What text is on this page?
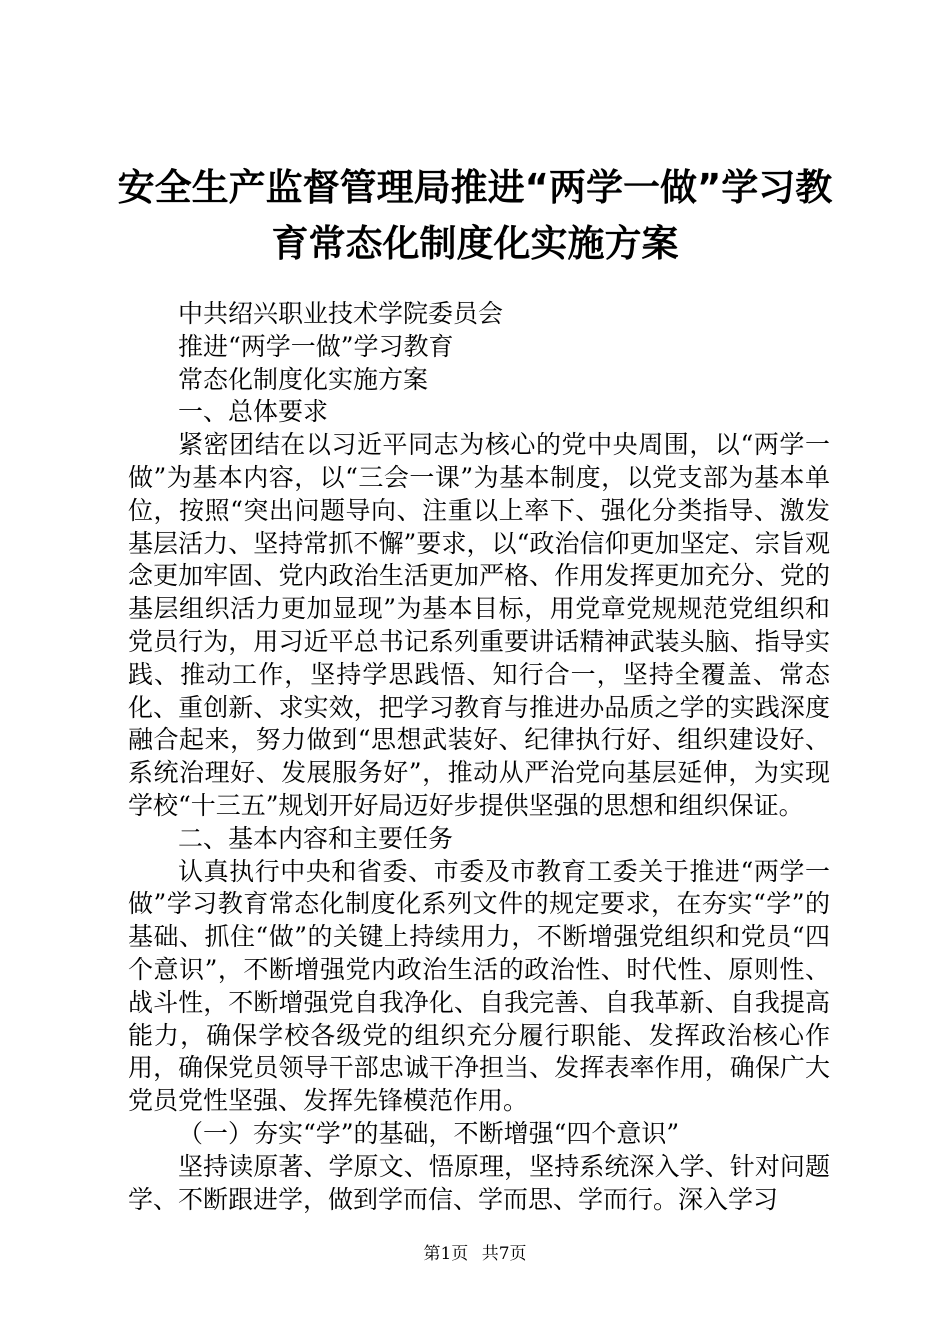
安全生产监督管理局推进“两学一做”学习教
育常态化制度化实施方案

中共绍兴职业技术学院委员会

推进“两学一做”学习教育

常态化制度化实施方案

一、总体要求

紧密团结在以习近平同志为核心的党中央周围，以“两学一做”为基本内容，以“三会一课”为基本制度，以党支部为基本单位，按照“突出问题导向、注重以上率下、强化分类指导、激发基层活力、坚持常抓不懈”要求，以“政治信仰更加坚定、宗旨观念更加牢固、党内政治生活更加严格、作用发挥更加充分、党的基层组织活力更加显现”为基本目标，用党章党规规范党组织和党员行为，用习近平总书记系列重要讲话精神武装头脑、指导实践、推动工作，坚持学思践悟、知行合一，坚持全覆盖、常态化、重创新、求实效，把学习教育与推进办品质之学的实践深度融合起来，努力做到“思想武装好、纪律执行好、组织建设好、系统治理好、发展服务好”，推动从严治党向基层延伸，为实现学校“十三五”规划开好局迈好步提供坚强的思想和组织保证。

二、基本内容和主要任务

认真执行中央和省委、市委及市教育工委关于推进“两学一做”学习教育常态化制度化系列文件的规定要求，在夯实“学”的基础、抓住“做”的关键上持续用力，不断增强党组织和党员“四个意识”，不断增强党内政治生活的政治性、时代性、原则性、战斗性，不断增强党自我净化、自我完善、自我革新、自我提高能力，确保学校各级党的组织充分履行职能、发挥政治核心作用，确保党员领导干部忠诚干净担当、发挥表率作用，确保广大党员党性坚强、发挥先锋模范作用。

（一）夯实“学”的基础，不断增强“四个意识”

坚持读原著、学原文、悟原理，坚持系统深入学、针对问题学、不断跟进学，做到学而信、学而思、学而行。深入学习

第1页 共7页
